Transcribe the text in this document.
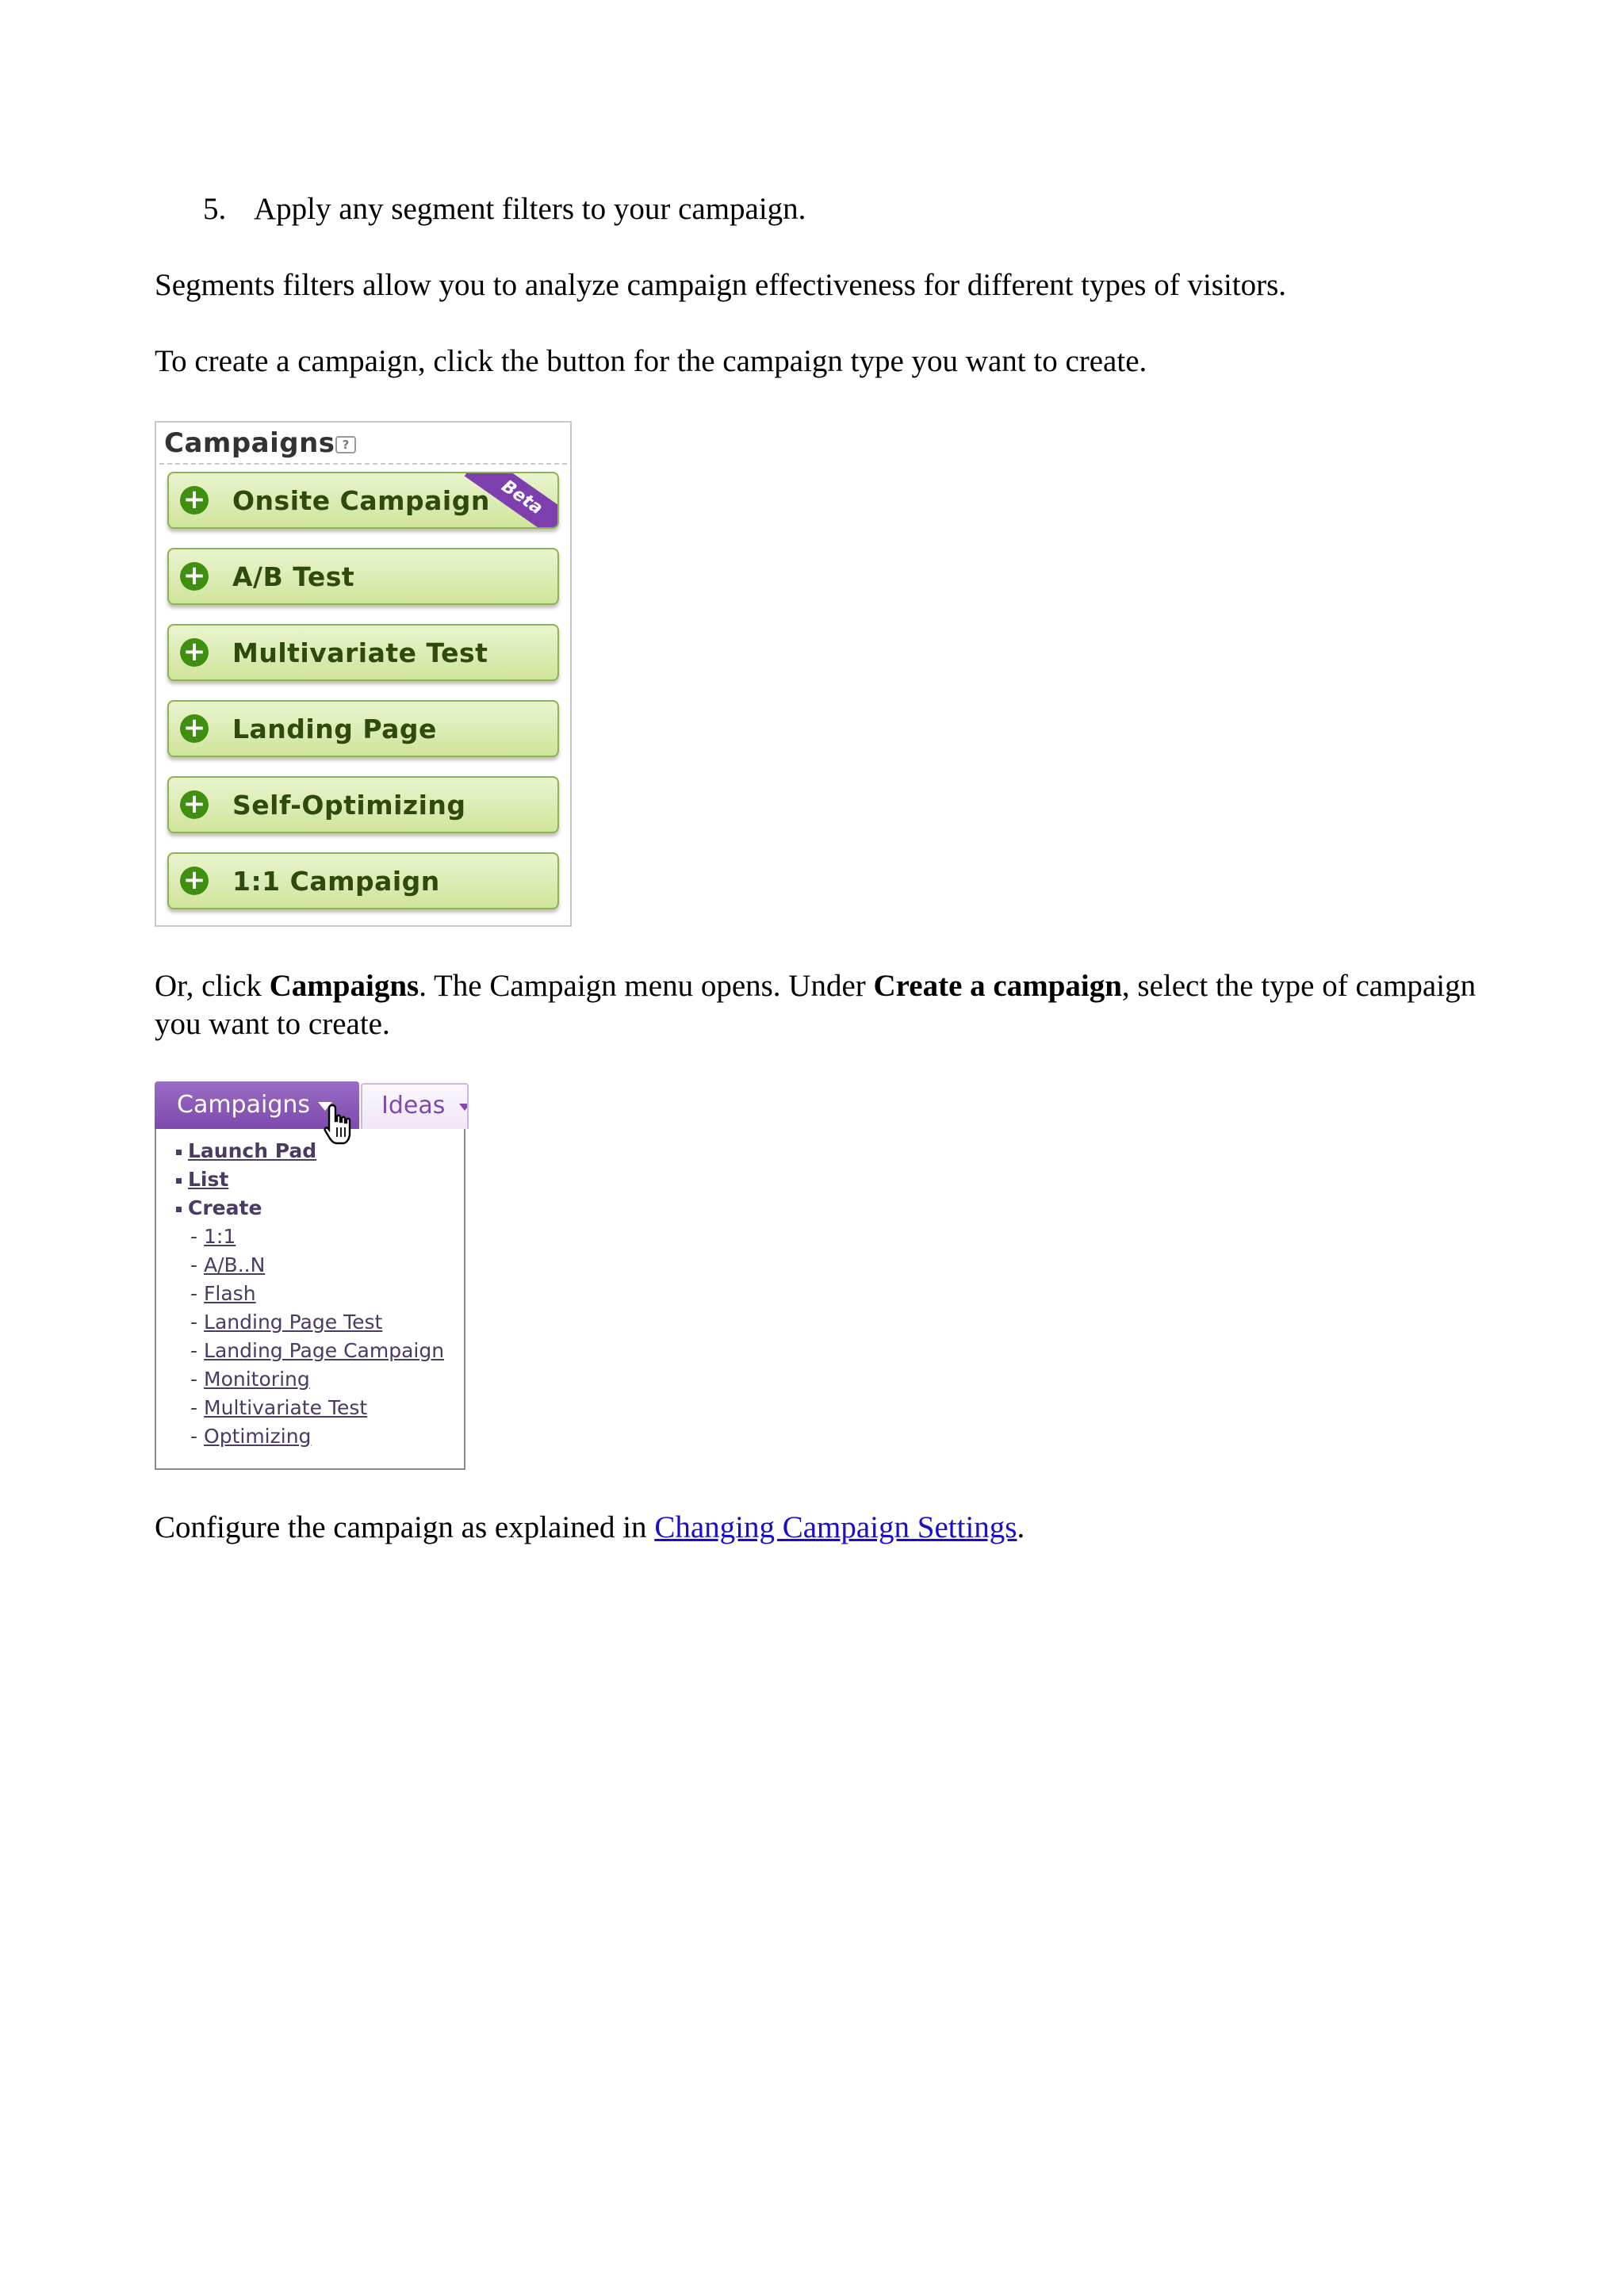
5. Apply any segment filters to your campaign.

Segments filters allow you to analyze campaign effectiveness for different types of visitors.

To create a campaign, click the button for the campaign type you want to create.

Campaigns ?
+ Onsite Campaign Beta
+ A/B Test
+ Multivariate Test
+ Landing Page
+ Self-Optimizing
+ 1:1 Campaign

Or, click Campaigns. The Campaign menu opens. Under Create a campaign, select the type of campaign you want to create.

Campaigns	Ideas
Launch Pad
List
Create
- 1:1
- A/B..N
- Flash
- Landing Page Test
- Landing Page Campaign
- Monitoring
- Multivariate Test
- Optimizing

Configure the campaign as explained in Changing Campaign Settings.
